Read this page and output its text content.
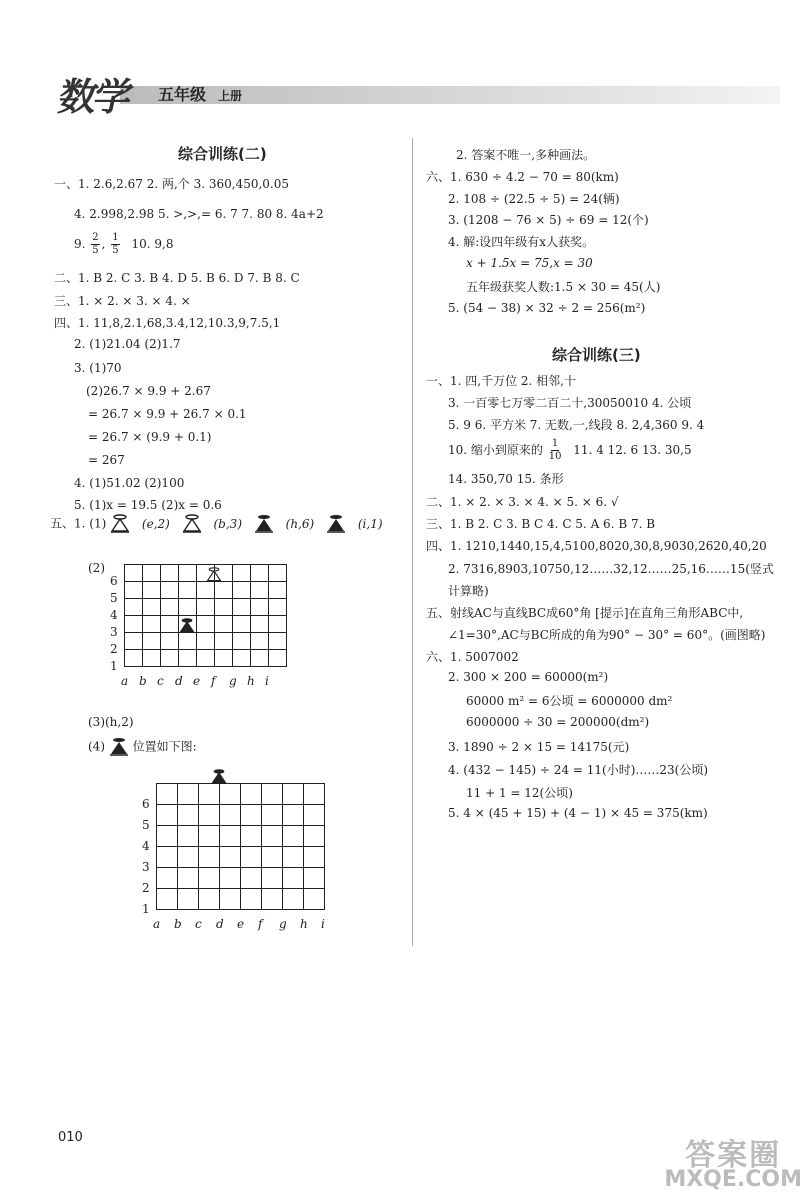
数学 五年级 上册
综合训练(二)
一、1. 2.6,2.67 2. 两,个 3. 360,450,0.05
4. 2.998,2.9̇8 5. >,>,= 6. 7 7. 80 8. 4a+2
9. $\frac{2}{5}$ , $\frac{1}{5} 10$. 9,8
二、1. B 2. C 3. B 4. D 5. B 6. D 7. B 8. C
三、1. × 2. × 3. × 4. ×
四、1. 11,8,2.1,68,3.4,12,10.3,9,7.5,1
2. (1)21.04 (2)1.7
3. (1)70
(2)26.7 × 9.9 + 2.67
= 26.7 × 9.9 + 26.7 × 0.1
= 26.7 × (9.9 + 0.1)
= 267
4. (1)51.02 (2)100
5. (1)x = 19.5 (2)x = 0.6
五、1. (1)	(e,2)	(b,3)	(h,6)	(i,1)
(2)
(3)(h,2)
(4) 位置如下图:
6
5
4
3
2
1
a b c d e f g h i
6
5
4
3
2
1
a b c d e f g h i
2. 答案不唯一,多种画法。
六、1. 630 ÷ 4.2 − 70 = 80(km)
2. 108 ÷ (22.5 ÷ 5) = 24(辆)
3. (1208 − 76 × 5) ÷ 69 = 12(个)
4. 解:设四年级有x人获奖。
x + 1.5x = 75,x = 30
五年级获奖人数:1.5 × 30 = 45(人)
5. (54 − 38) × 32 ÷ 2 = 256(m²)
综合训练(三)
一、1. 四,千万位 2. 相邻,十
3. 一百零七万零二百二十,30050010 4. 公顷
5. 9 6. 平方米 7. 无数,一,线段 8. 2,4,360 9. 4
10. 缩小到原来的 $\frac{1}{10} 11$. 4 12. 6 13. 30,5
14. 350,70 15. 条形
二、1. × 2. × 3. × 4. × 5. × 6. √
三、1. B 2. C 3. B C 4. C 5. A 6. B 7. B
四、1. 1210,1440,15,4,5100,8020,30,8,9030,2620,40,20
2. 7316,8903,10750,12……32,12……25,16……15(竖式
计算略)
五、射线AC与直线BC成60°角 [提示]在直角三角形ABC中,
∠1=30°,AC与BC所成的角为90° − 30° = 60°。(画图略)
六、1. 5007002
2. 300 × 200 = 60000(m²)
60000 m² = 6公顷 = 6000000 dm²
6000000 ÷ 30 = 200000(dm²)
3. 1890 ÷ 2 × 15 = 14175(元)
4. (432 − 145) ÷ 24 = 11(小时)……23(公顷)
11 + 1 = 12(公顷)
5. 4 × (45 + 15) + (4 − 1) × 45 = 375(km)
010
答案圈
MXQE.COM
